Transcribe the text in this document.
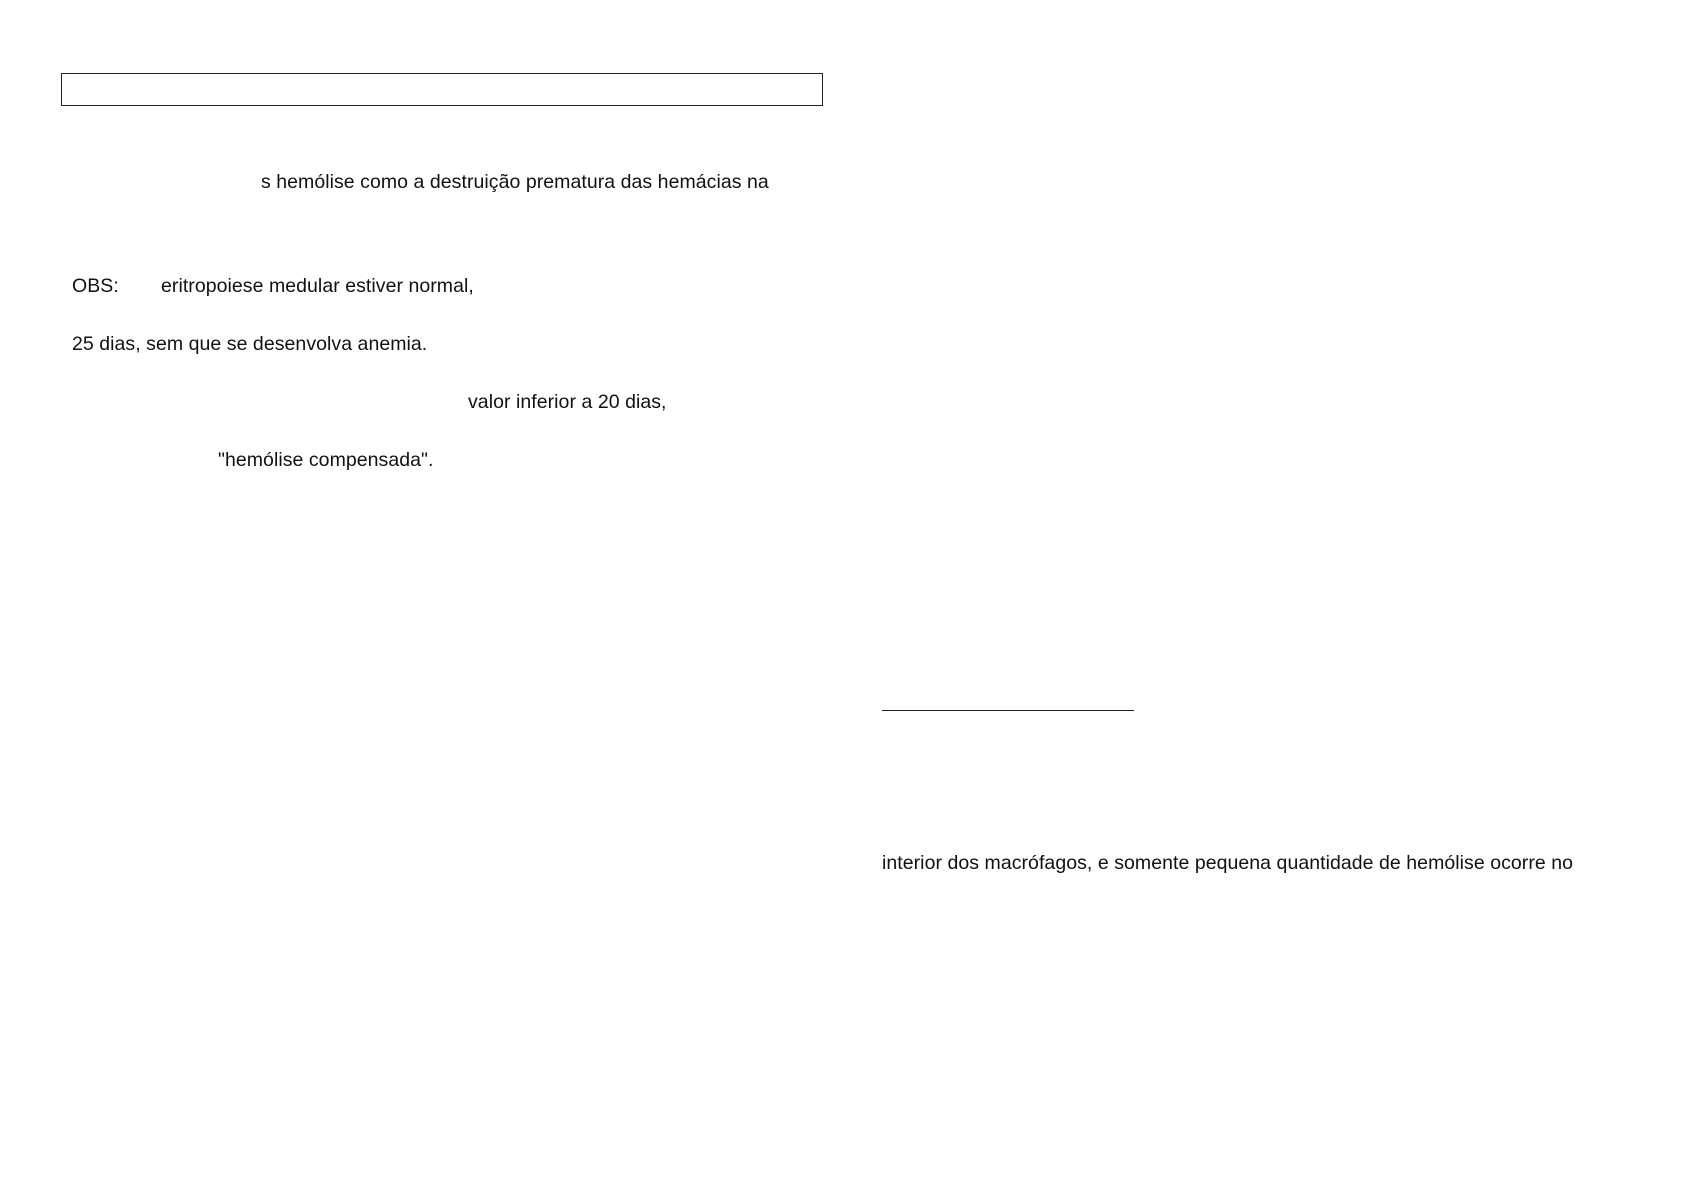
s hemólise como a destruição prematura das hemácias na
OBS: eritropoiese medular estiver normal,
25 dias, sem que se desenvolva anemia.
valor inferior a 20 dias,
"hemólise compensada".
interior dos macrófagos, e somente pequena quantidade de hemólise ocorre no
